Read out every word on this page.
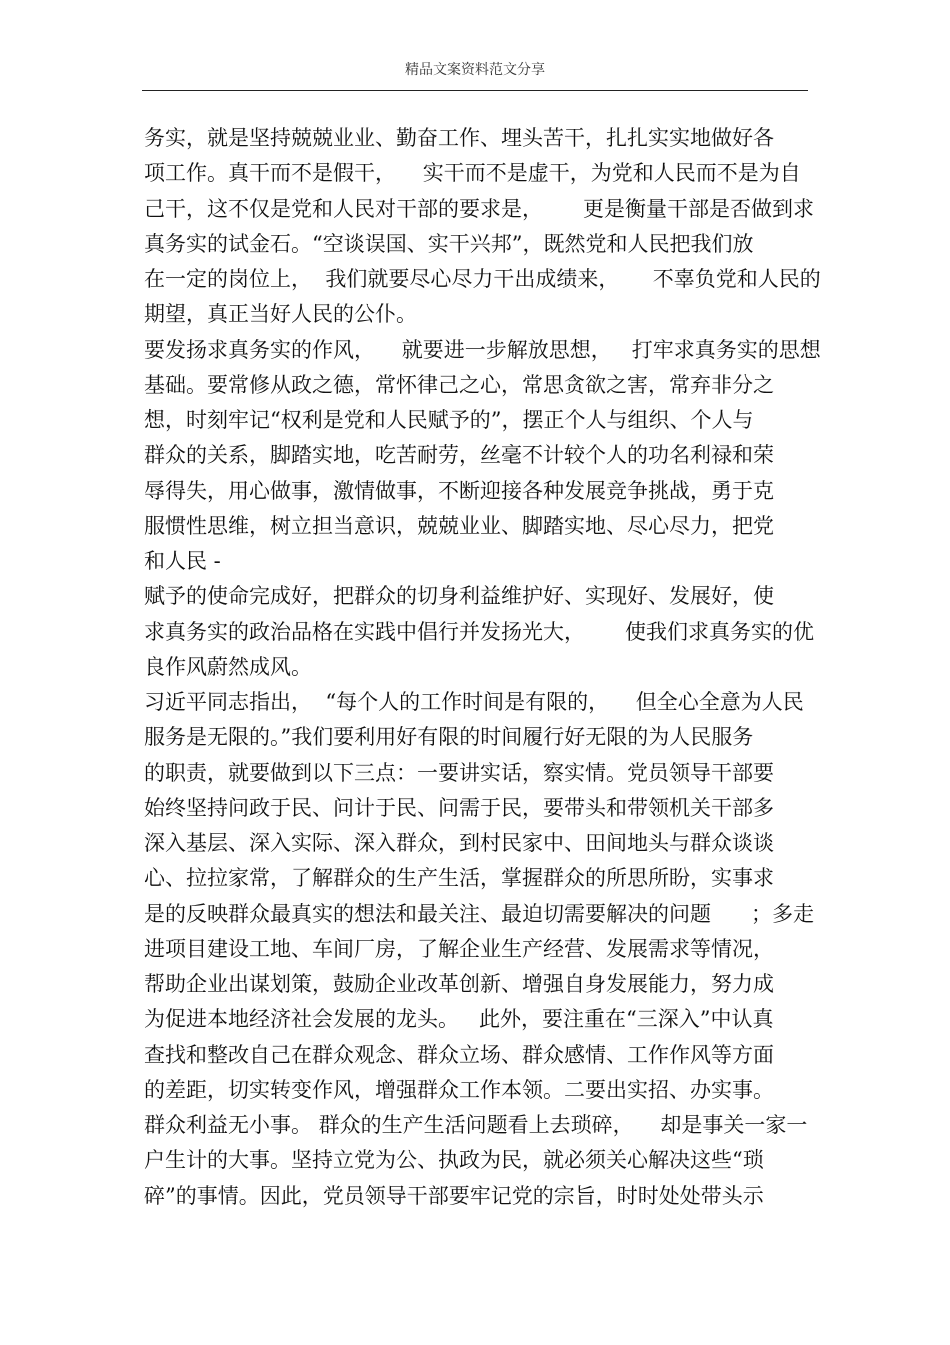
精品文案资料范文分享
务实，就是坚持兢兢业业、勤奋工作、埋头苦干，扎扎实实地做好各
项工作。真干而不是假干，    实干而不是虚干，为党和人民而不是为自
己干，这不仅是党和人民对干部的要求是，      更是衡量干部是否做到求
真务实的试金石。“空谈误国、实干兴邦”，既然党和人民把我们放
在一定的岗位上，  我们就要尽心尽力干出成绩来，     不辜负党和人民的
期望，真正当好人民的公仆。
要发扬求真务实的作风，    就要进一步解放思想，   打牢求真务实的思想
基础。要常修从政之德，常怀律己之心，常思贪欲之害，常弃非分之
想，时刻牢记“权利是党和人民赋予的”，摆正个人与组织、个人与
群众的关系，脚踏实地，吃苦耐劳，丝毫不计较个人的功名利禄和荣
辱得失，用心做事，激情做事，不断迎接各种发展竞争挑战，勇于克
服惯性思维，树立担当意识，兢兢业业、脚踏实地、尽心尽力，把党
和人民 -
赋予的使命完成好，把群众的切身利益维护好、实现好、发展好，使
求真务实的政治品格在实践中倡行并发扬光大，      使我们求真务实的优
良作风蔚然成风。
习近平同志指出，  “每个人的工作时间是有限的，    但全心全意为人民
服务是无限的。”我们要利用好有限的时间履行好无限的为人民服务
的职责，就要做到以下三点：一要讲实话，察实情。党员领导干部要
始终坚持问政于民、问计于民、问需于民，要带头和带领机关干部多
深入基层、深入实际、深入群众，到村民家中、田间地头与群众谈谈
心、拉拉家常，了解群众的生产生活，掌握群众的所思所盼，实事求
是的反映群众最真实的想法和最关注、最迫切需要解决的问题      ；多走
进项目建设工地、车间厂房，了解企业生产经营、发展需求等情况，
帮助企业出谋划策，鼓励企业改革创新、增强自身发展能力，努力成
为促进本地经济社会发展的龙头。   此外，要注重在“三深入”中认真
查找和整改自己在群众观念、群众立场、群众感情、工作作风等方面
的差距，切实转变作风，增强群众工作本领。二要出实招、办实事。
群众利益无小事。 群众的生产生活问题看上去琐碎，    却是事关一家一
户生计的大事。坚持立党为公、执政为民，就必须关心解决这些“琐
碎”的事情。因此，党员领导干部要牢记党的宗旨，时时处处带头示
